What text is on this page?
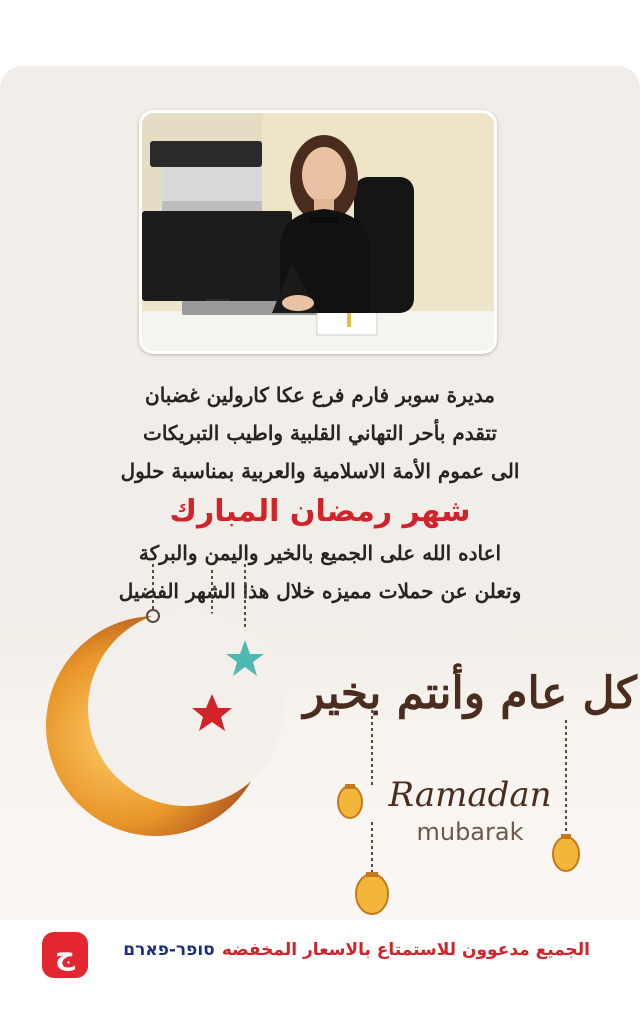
مديرة سوبر فارم فرع عكا كارولين غضبان
تتقدم بأحر التهاني القلبية واطيب التبريكات
الى عموم الأمة الاسلامية والعربية بمناسبة حلول
شهر رمضان المبارك
اعاده الله على الجميع بالخير واليمن والبركة
وتعلن عن حملات مميزه خلال هذا الشهر الفضيل
كل عام وأنتم بخير
Ramadan
mubarak
الجميع مدعوون للاستمتاع بالاسعار المخفضه
סופר-פארם
ج
